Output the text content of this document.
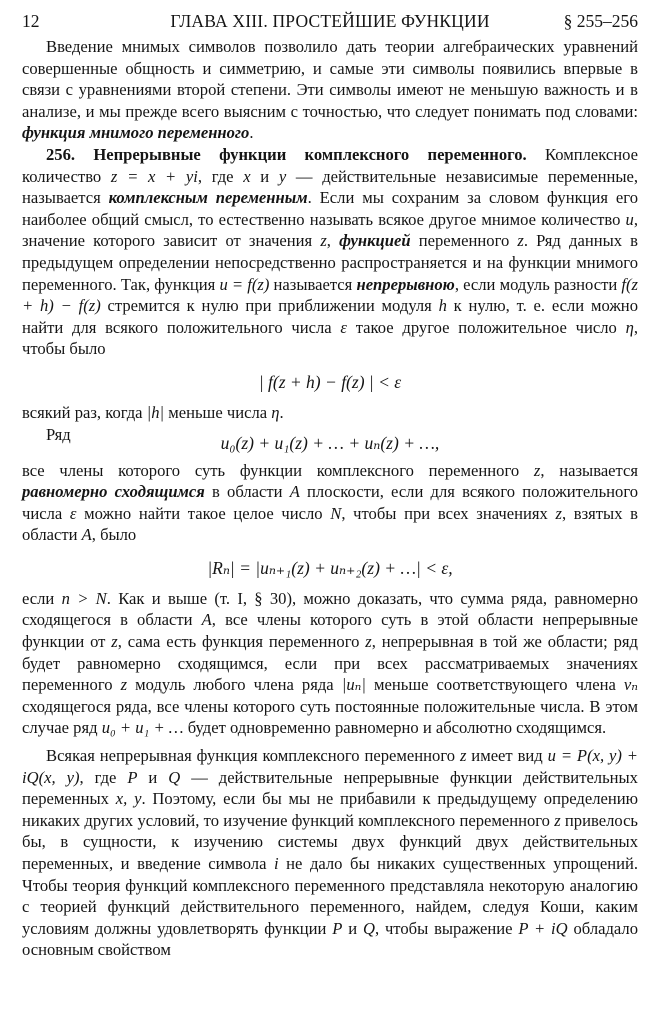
12	ГЛАВА XIII. ПРОСТЕЙШИЕ ФУНКЦИИ	§ 255–256

Введение мнимых символов позволило дать теории алгебраических уравнений совершенные общность и симметрию, и самые эти символы появились впервые в связи с уравнениями второй степени. Эти символы имеют не меньшую важность и в анализе, и мы прежде всего выясним с точностью, что следует понимать под словами: функция мнимого переменного.

256. Непрерывные функции комплексного переменного. Комплексное количество z = x + yi, где x и y — действительные независимые переменные, называется комплексным переменным. Если мы сохраним за словом функция его наиболее общий смысл, то естественно называть всякое другое мнимое количество u, значение которого зависит от значения z, функцией переменного z. Ряд данных в предыдущем определении непосредственно распространяется и на функции мнимого переменного. Так, функция u = f(z) называется непрерывною, если модуль разности f(z + h) − f(z) стремится к нулю при приближении модуля h к нулю, т. е. если можно найти для всякого положительного числа ε такое другое положительное число η, чтобы было

| f(z + h) − f(z) | < ε

всякий раз, когда |h| меньше числа η.

Ряд	u₀(z) + u₁(z) + … + uₙ(z) + …,

все члены которого суть функции комплексного переменного z, называется равномерно сходящимся в области A плоскости, если для всякого положительного числа ε можно найти такое целое число N, чтобы при всех значениях z, взятых в области A, было

|Rₙ| = |uₙ₊₁(z) + uₙ₊₂(z) + …| < ε,

если n > N. Как и выше (т. I, § 30), можно доказать, что сумма ряда, равномерно сходящегося в области A, все члены которого суть в этой области непрерывные функции от z, сама есть функция переменного z, непрерывная в той же области; ряд будет равномерно сходящимся, если при всех рассматриваемых значениях переменного z модуль любого члена ряда |uₙ| меньше соответствующего члена vₙ сходящегося ряда, все члены которого суть постоянные положительные числа. В этом случае ряд u₀ + u₁ + … будет одновременно равномерно и абсолютно сходящимся.

Всякая непрерывная функция комплексного переменного z имеет вид u = P(x, y) + iQ(x, y), где P и Q — действительные непрерывные функции действительных переменных x, y. Поэтому, если бы мы не прибавили к предыдущему определению никаких других условий, то изучение функций комплексного переменного z привелось бы, в сущности, к изучению системы двух функций двух действительных переменных, и введение символа i не дало бы никаких существенных упрощений. Чтобы теория функций комплексного переменного представляла некоторую аналогию с теорией функций действительного переменного, найдем, следуя Коши, каким условиям должны удовлетворять функции P и Q, чтобы выражение P + iQ обладало основным свойством
